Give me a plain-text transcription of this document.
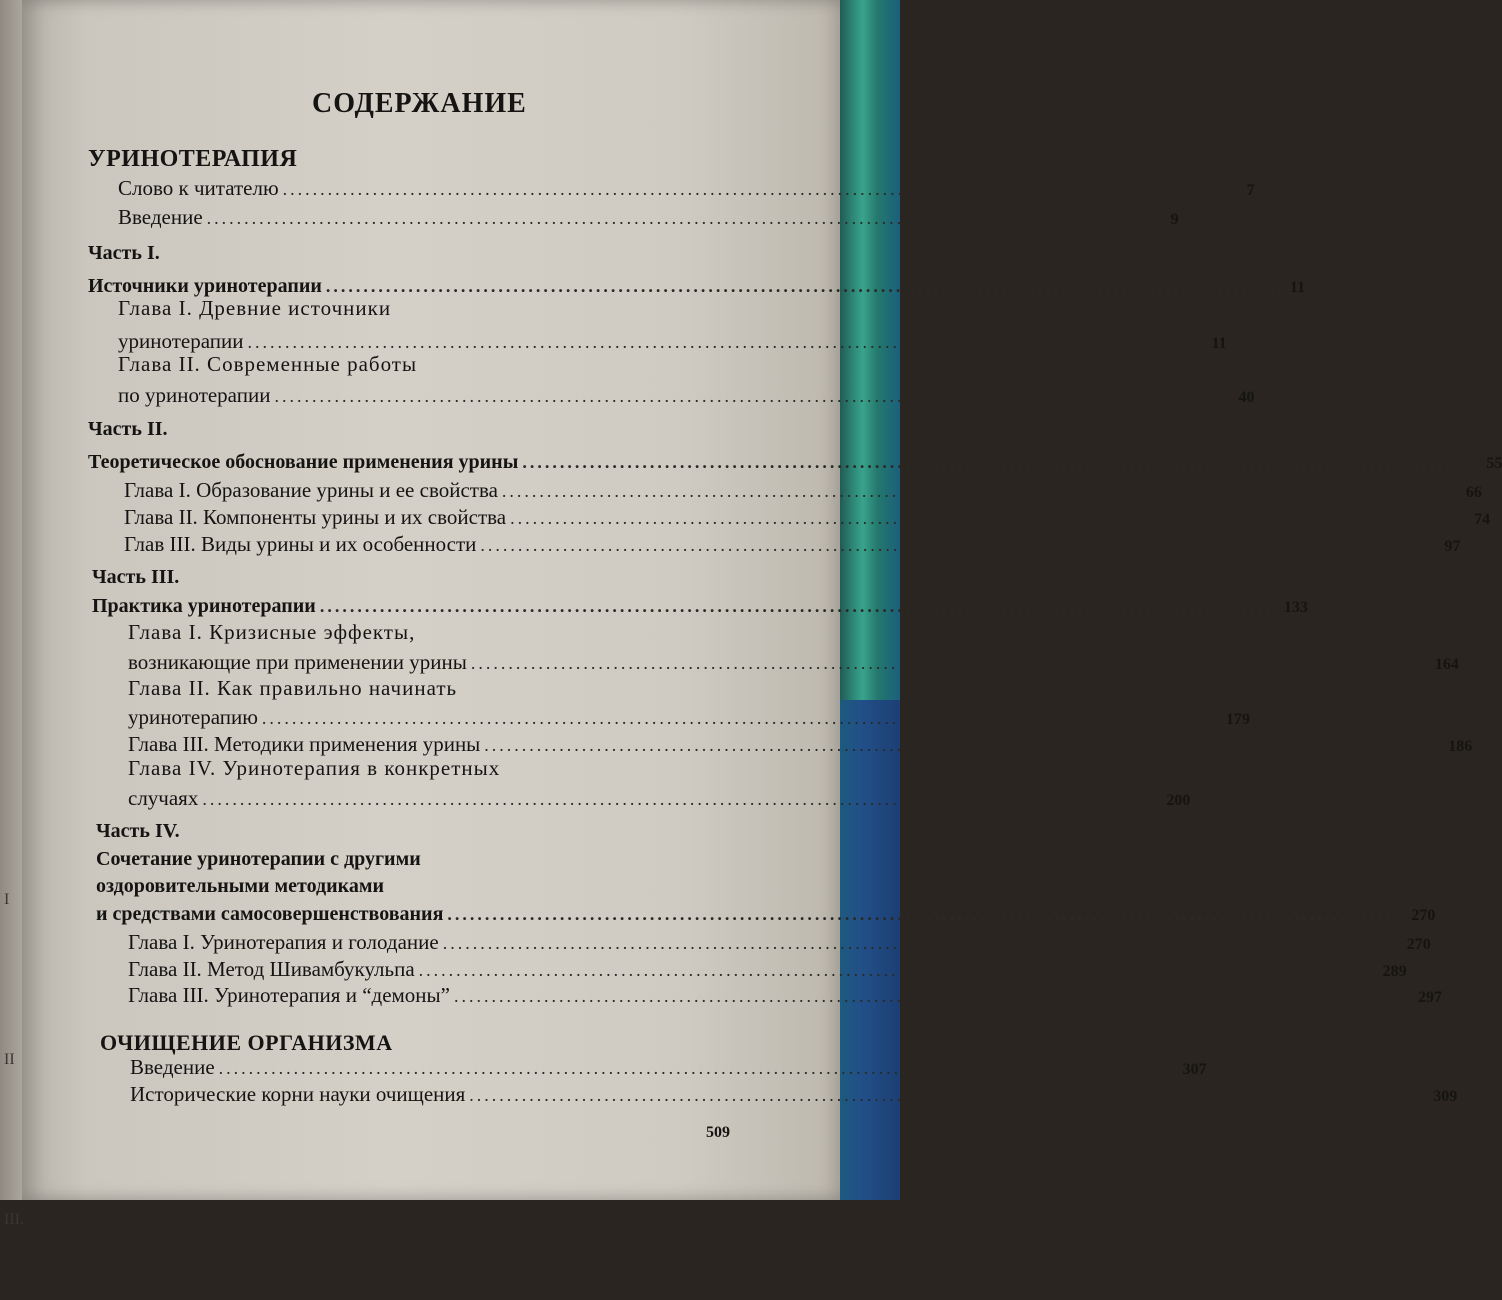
I
II
III.
СОДЕРЖАНИЕ
УРИНОТЕРАПИЯ
Слово к читателю .....	7
Введение .....	9
Часть I.
Источники уринотерапии .....	11
Глава I. Древние источники
уринотерапии .....	11
Глава II. Современные работы
по уринотерапии .....	40
Часть II.
Теоретическое обоснование применения урины .....	55
Глава I. Образование урины и ее свойства .....	66
Глава II. Компоненты урины и их свойства .....	74
Глав III. Виды урины и их особенности .....	97
Часть III.
Практика уринотерапии .....	133
Глава I. Кризисные эффекты,
возникающие при применении урины .....	164
Глава II. Как правильно начинать
уринотерапию .....	179
Глава III. Методики применения урины .....	186
Глава IV. Уринотерапия в конкретных
случаях .....	200
Часть IV.
Сочетание уринотерапии с другими
оздоровительными методиками
и средствами самосовершенствования .....	270
Глава I. Уринотерапия и голодание .....	270
Глава II. Метод Шивамбукульпа .....	289
Глава III. Уринотерапия и “демоны” .....	297
ОЧИЩЕНИЕ ОРГАНИЗМА
Введение .....	307
Исторические корни науки очищения .....	309
509
